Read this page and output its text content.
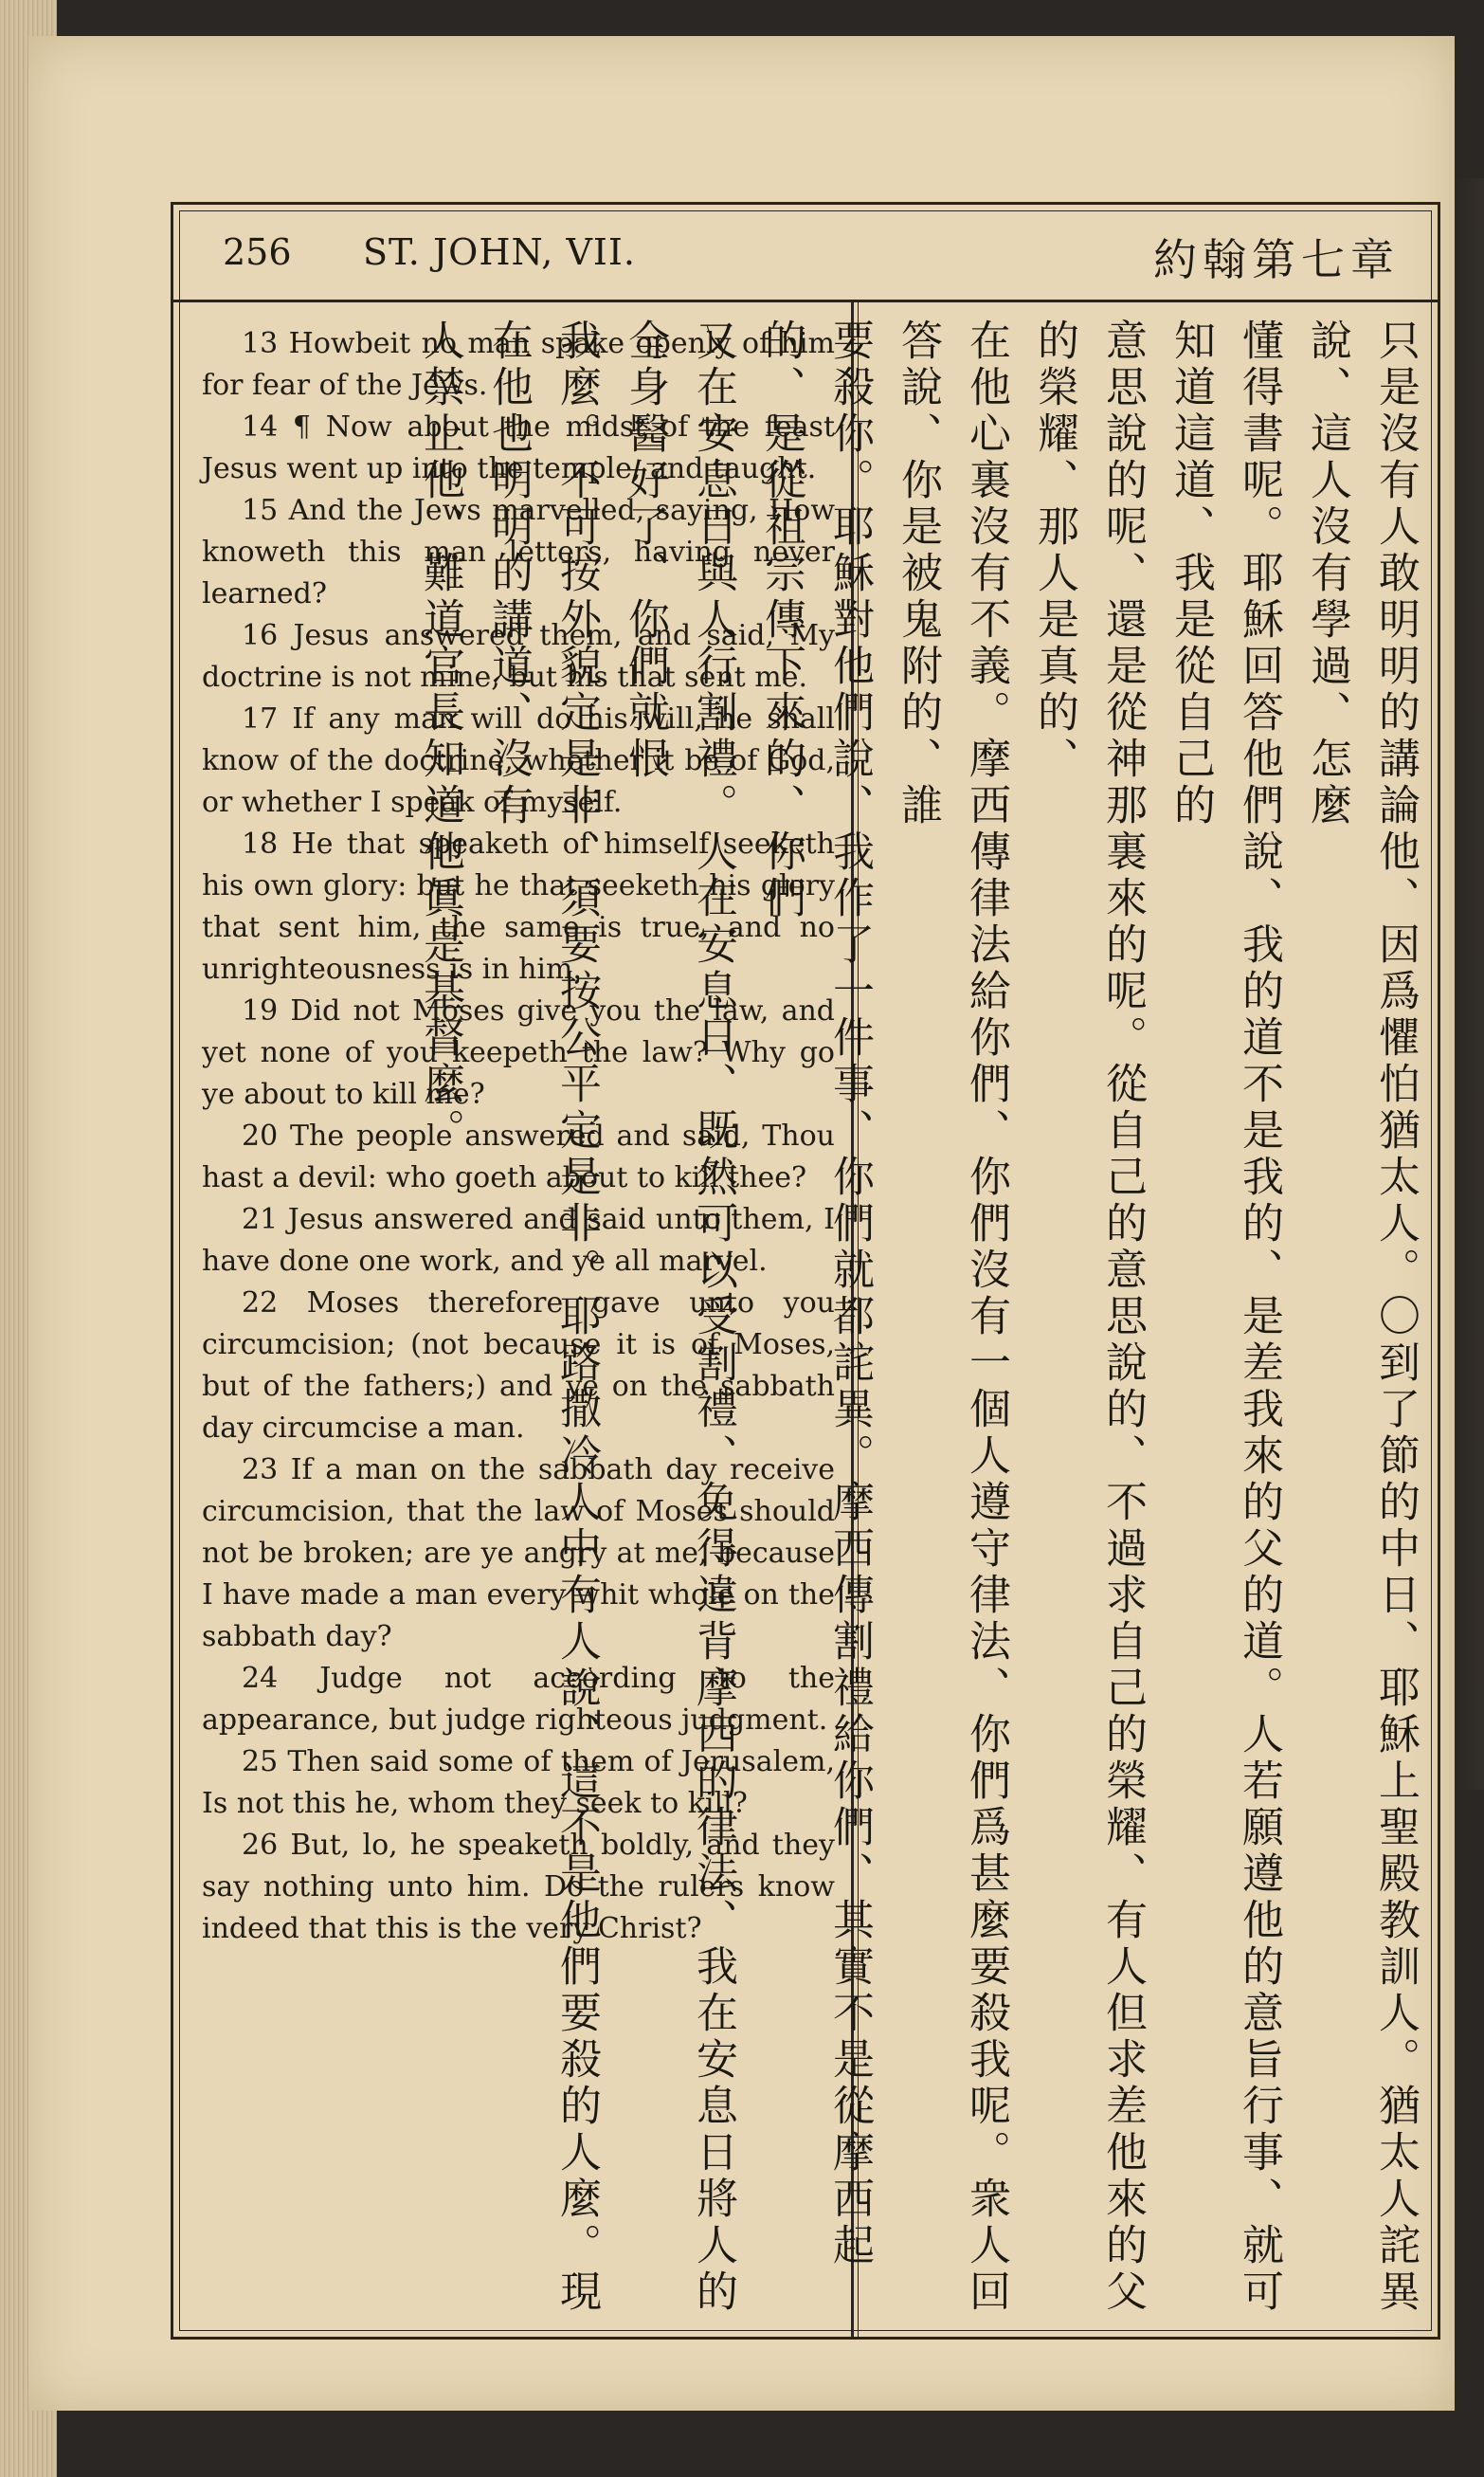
256 ST. JOHN, VII.	約翰第七章

13 Howbeit no man spake openly of him for fear of the Jews.

14 ¶ Now about the midst of the feast Jesus went up into the temple, and taught.

15 And the Jews marvelled, saying, How knoweth this man letters, having never learned?

16 Jesus answered them, and said, My doctrine is not mine, but his that sent me.

17 If any man will do his will, he shall know of the doctrine, whether it be of God, or whether I speak of myself.

18 He that speaketh of himself seeketh his own glory: but he that seeketh his glory that sent him, the same is true, and no unrighteousness is in him.

19 Did not Moses give you the law, and yet none of you keepeth the law? Why go ye about to kill me?

20 The people answered and said, Thou hast a devil: who goeth about to kill thee?

21 Jesus answered and said unto them, I have done one work, and ye all marvel.

22 Moses therefore gave unto you circumcision; (not because it is of Moses, but of the fathers;) and ye on the sabbath day circumcise a man.

23 If a man on the sabbath day receive circumcision, that the law of Moses should not be broken; are ye angry at me, because I have made a man every whit whole on the sabbath day?

24 Judge not according to the appearance, but judge righteous judgment.

25 Then said some of them of Jerusalem, Is not this he, whom they seek to kill?

26 But, lo, he speaketh boldly, and they say nothing unto him. Do the rulers know indeed that this is the very Christ?	只是沒有人敢明明的講論他、因爲懼怕猶太人。〇到了節的中日、耶穌上聖殿教訓人。猶太人詫異說、這人沒有學過、怎麼

懂得書呢。耶穌回答他們說、我的道不是我的、是差我來的父的道。人若願遵他的意旨行事、就可知道這道、我是從自己的

意思說的呢、還是從神那裏來的呢。從自己的意思說的、不過求自己的榮耀、有人但求差他來的父的榮耀、那人是真的、

在他心裏沒有不義。摩西傳律法給你們、你們沒有一個人遵守律法、你們爲甚麼要殺我呢。衆人回答說、你是被鬼附的、誰

要殺你。耶穌對他們說、我作了一件事、你們就都詫異。摩西傳割禮給你們、其實不是從摩西起的、是從祖宗傳下來的、你們

又在安息日與人行割禮。人在安息日、既然可以受割禮、免得違背摩西的律法、我在安息日將人的全身醫好了、你們就恨

我麼。不可按外貌定是非、須要按公平定是非。耶路撒冷人中有人說、這不是他們要殺的人麼。現在他也明明的講道、沒有

人禁止他、難道官長知道他眞是基督麼。
